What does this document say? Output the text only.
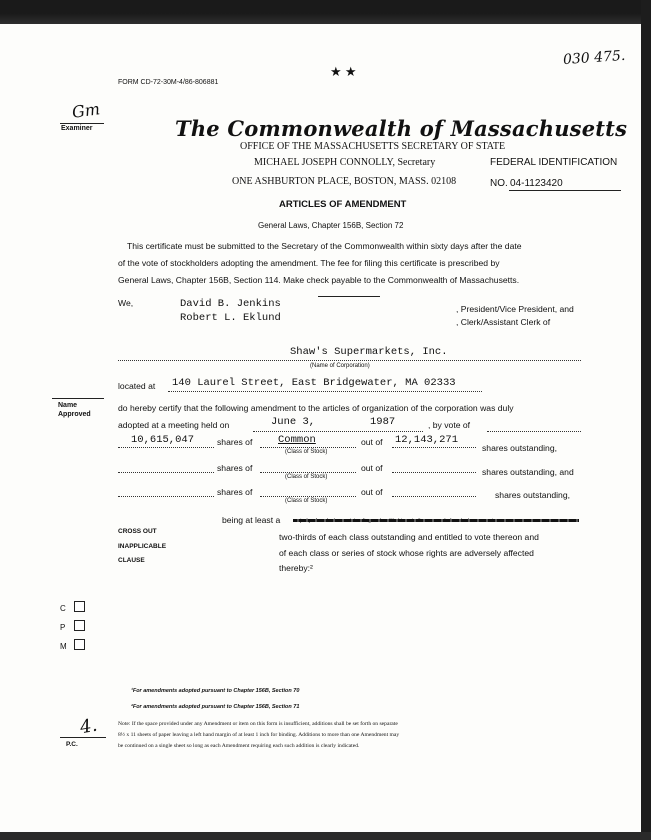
FORM CD-72-30M-4/86-806881
030 475.
★ ★
Gm
Examiner	The Commonwealth of Massachusetts
OFFICE OF THE MASSACHUSETTS SECRETARY OF STATE
MICHAEL JOSEPH CONNOLLY, Secretary
ONE ASHBURTON PLACE, BOSTON, MASS. 02108
FEDERAL IDENTIFICATION
NO. 04-1123420
ARTICLES OF AMENDMENT
General Laws, Chapter 156B, Section 72
This certificate must be submitted to the Secretary of the Commonwealth within sixty days after the date
of the vote of stockholders adopting the amendment. The fee for filing this certificate is prescribed by
General Laws, Chapter 156B, Section 114. Make check payable to the Commonwealth of Massachusetts.
We,	David B. Jenkins
Robert L. Eklund
, President/Vice President, and
, Clerk/Assistant Clerk of
Shaw's Supermarkets, Inc.
(Name of Corporation)
located at 140 Laurel Street, East Bridgewater, MA 02333
Name
Approved
do hereby certify that the following amendment to the articles of organization of the corporation was duly
adopted at a meeting held on	June 3,	1987	, by vote of
10,615,047	shares of Common
(Class of Stock)
out of 12,143,271
shares outstanding,
shares of
(Class of Stock)
out of	shares outstanding, and
shares of
(Class of Stock)
out of	shares outstanding,
being at least a
CROSS OUT
INAPPLICABLE
CLAUSE
two-thirds of each class outstanding and entitled to vote thereon and
of each class or series of stock whose rights are adversely affected
thereby:²
C
P
M
¹For amendments adopted pursuant to Chapter 156B, Section 70
²For amendments adopted pursuant to Chapter 156B, Section 71
4.
P.C.
Note: If the space provided under any Amendment or item on this form is insufficient, additions shall be set forth on separate
8½ x 11 sheets of paper leaving a left hand margin of at least 1 inch for binding. Additions to more than one Amendment may
be continued on a single sheet so long as each Amendment requiring each such addition is clearly indicated.
